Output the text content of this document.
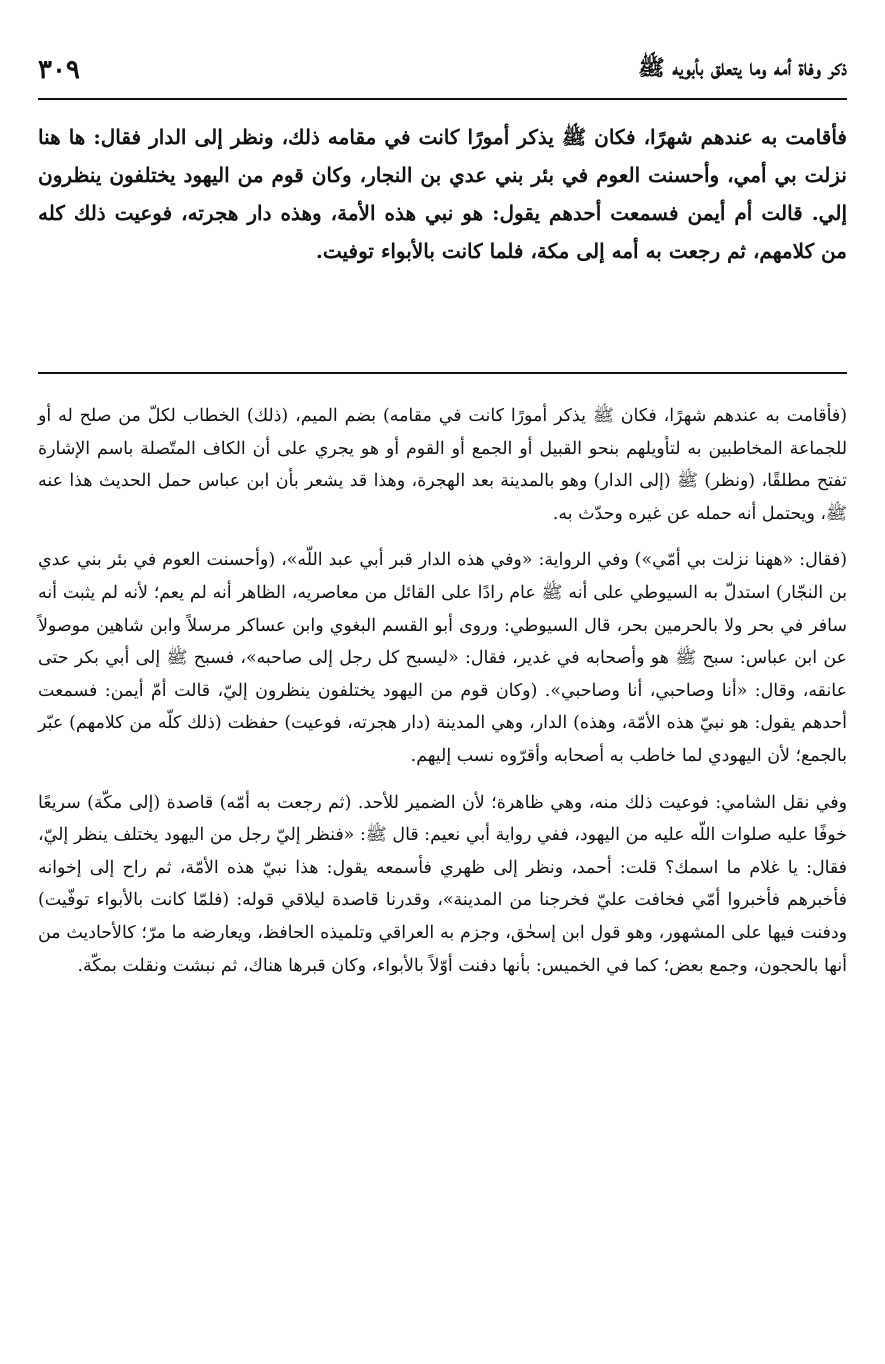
ذكر وفاة أمه وما يتعلق بأبويه ﷺ
٣٠٩
فأقامت به عندهم شهرًا، فكان ﷺ يذكر أمورًا كانت في مقامه ذلك، ونظر إلى الدار فقال: ها هنا نزلت بي أمي، وأحسنت العوم في بئر بني عدي بن النجار، وكان قوم من اليهود يختلفون ينظرون إلي. قالت أم أيمن فسمعت أحدهم يقول: هو نبي هذه الأمة، وهذه دار هجرته، فوعيت ذلك كله من كلامهم، ثم رجعت به أمه إلى مكة، فلما كانت بالأبواء توفيت.

(فأقامت به عندهم شهرًا، فكان ﷺ يذكر أمورًا كانت في مقامه) بضم الميم، (ذلك) الخطاب لكلّ من صلح له أو للجماعة المخاطبين به لتأويلهم بنحو القبيل أو الجمع أو القوم أو هو يجري على أن الكاف المتّصلة باسم الإشارة تفتح مطلقًا، (ونظر) ﷺ (إلى الدار) وهو بالمدينة بعد الهجرة، وهذا قد يشعر بأن ابن عباس حمل الحديث هذا عنه ﷺ، ويحتمل أنه حمله عن غيره وحدّث به.

(فقال: «ههنا نزلت بي أمّي») وفي الرواية: «وفي هذه الدار قبر أبي عبد اللّه»، (وأحسنت العوم في بئر بني عدي بن النجّار) استدلّ به السيوطي على أنه ﷺ عام رادًا على القائل من معاصريه، الظاهر أنه لم يعم؛ لأنه لم يثبت أنه سافر في بحر ولا بالحرمين بحر، قال السيوطي: وروى أبو القسم البغوي وابن عساكر مرسلاً وابن شاهين موصولاً عن ابن عباس: سبح ﷺ هو وأصحابه في غدير، فقال: «ليسبح كل رجل إلى صاحبه»، فسبح ﷺ إلى أبي بكر حتى عانقه، وقال: «أنا وصاحبي، أنا وصاحبي». (وكان قوم من اليهود يختلفون ينظرون إليّ، قالت أمّ أيمن: فسمعت أحدهم يقول: هو نبيّ هذه الأمّة، وهذه) الدار، وهي المدينة (دار هجرته، فوعيت) حفظت (ذلك كلّه من كلامهم) عبّر بالجمع؛ لأن اليهودي لما خاطب به أصحابه وأقرّوه نسب إليهم.

وفي نقل الشامي: فوعيت ذلك منه، وهي ظاهرة؛ لأن الضمير للأحد. (ثم رجعت به أمّه) قاصدة (إلى مكّة) سريعًا خوفًا عليه صلوات اللّه عليه من اليهود، ففي رواية أبي نعيم: قال ﷺ: «فنظر إليّ رجل من اليهود يختلف ينظر إليّ، فقال: يا غلام ما اسمك؟ قلت: أحمد، ونظر إلى ظهري فأسمعه يقول: هذا نبيّ هذه الأمّة، ثم راح إلى إخوانه فأخبرهم فأخبروا أمّي فخافت عليّ فخرجنا من المدينة»، وقدرنا قاصدة ليلاقي قوله: (فلمّا كانت بالأبواء توفّيت) ودفنت فيها على المشهور، وهو قول ابن إسحٰق، وجزم به العراقي وتلميذه الحافظ، ويعارضه ما مرّ؛ كالأحاديث من أنها بالحجون، وجمع بعض؛ كما في الخميس: بأنها دفنت أوّلاً بالأبواء، وكان قبرها هناك، ثم نبشت ونقلت بمكّة.
